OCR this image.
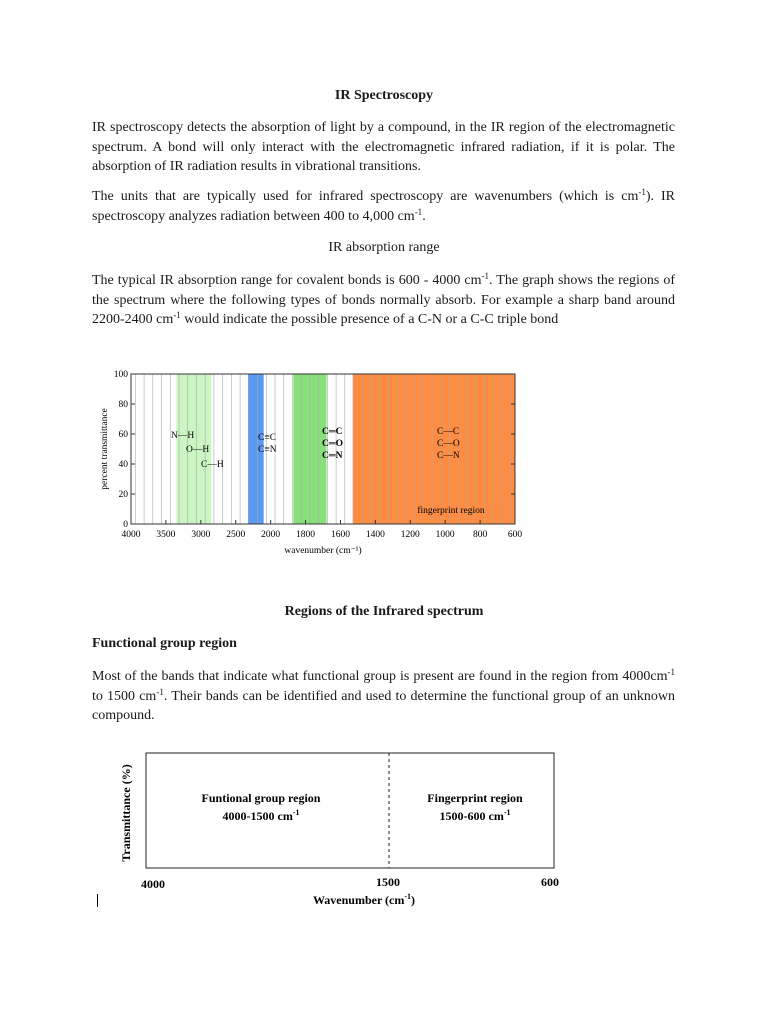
IR Spectroscopy

IR spectroscopy detects the absorption of light by a compound, in the IR region of the electromagnetic spectrum. A bond will only interact with the electromagnetic infrared radiation, if it is polar. The absorption of IR radiation results in vibrational transitions.

The units that are typically used for infrared spectroscopy are wavenumbers (which is $cm^{-1}$). IR spectroscopy analyzes radiation between 400 to 4,000 $cm^{-1}$.

IR absorption range

The typical IR absorption range for covalent bonds is 600 - 4000 $cm^{-1}$. The graph shows the regions of the spectrum where the following types of bonds normally absorb. For example a sharp band around 2200-2400 $cm^{-1}$ would indicate the possible presence of a C-N or a C-C triple bond

0
20
40
60
80
100
4000 3500 3000 2500 2000 1800 1600 1400 1200 1000 800 600
percent transmittance
wavenumber (cm⁻¹)
N—H
O—H
C—H
C≡C
C≡N
C═C
C═O
C═N
C—C
C—O
C—N
fingerprint region
Regions of the Infrared spectrum
Functional group region

Most of the bands that indicate what functional group is present are found in the region from $4000cm^{-1}$ to 1500 $cm^{-1}$. Their bands can be identified and used to determine the functional group of an unknown compound.

Transmittance (%)	Funtional group region
4000-1500 $cm^{-1}$
Fingerprint region
1500-600 $cm^{-1}$
4000	1500	600
Wavenumber $(cm^{-1})$
